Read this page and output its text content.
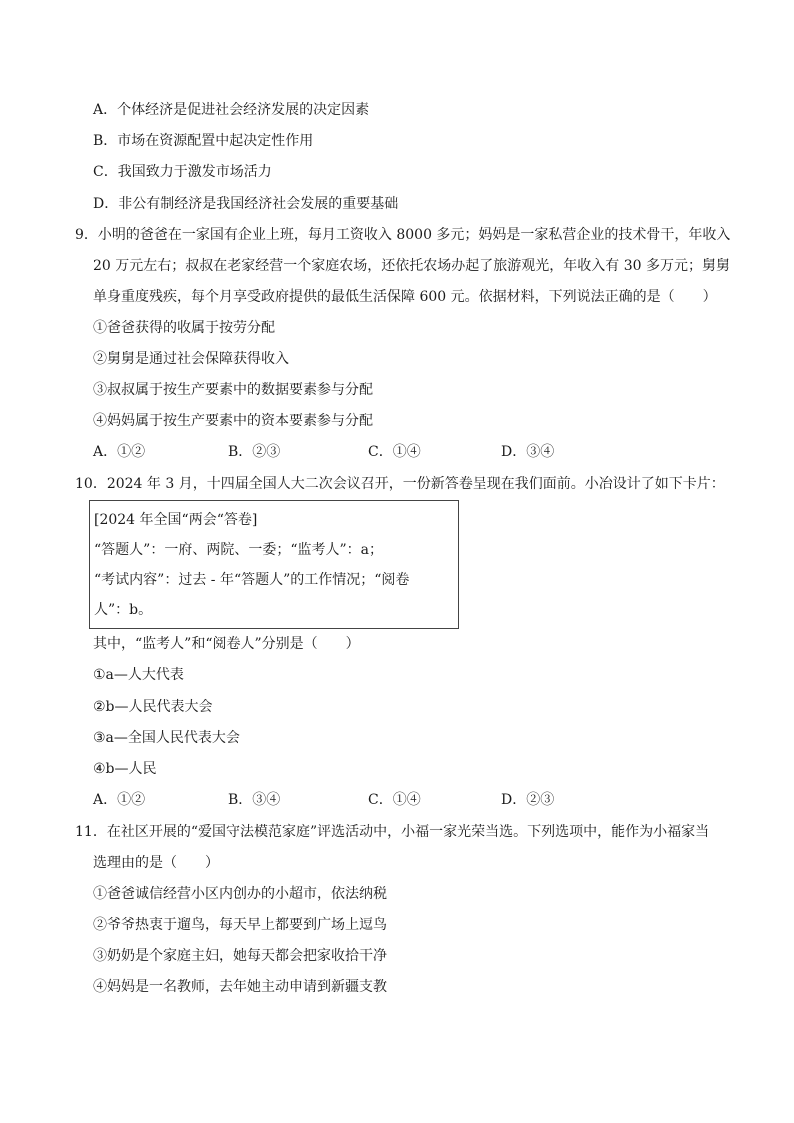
A．个体经济是促进社会经济发展的决定因素
B．市场在资源配置中起决定性作用
C．我国致力于激发市场活力
D．非公有制经济是我国经济社会发展的重要基础
9．小明的爸爸在一家国有企业上班，每月工资收入 8000 多元；妈妈是一家私营企业的技术骨干，年收入
20 万元左右；叔叔在老家经营一个家庭农场，还依托农场办起了旅游观光，年收入有 30 多万元；舅舅
单身重度残疾，每个月享受政府提供的最低生活保障 600 元。依据材料，下列说法正确的是（　　）
①爸爸获得的收属于按劳分配
②舅舅是通过社会保障获得收入
③叔叔属于按生产要素中的数据要素参与分配
④妈妈属于按生产要素中的资本要素参与分配
A．①②	B．②③	C．①④	D．③④
10．2024 年 3 月，十四届全国人大二次会议召开，一份新答卷呈现在我们面前。小冶设计了如下卡片：
[2024 年全国“两会“答卷]
“答题人”：一府、两院、一委；“监考人”：a；
“考试内容”：过去 - 年“答题人”的工作情况；“阅卷
人”：b。
其中，“监考人”和“阅卷人”分别是（　　）
①a—人大代表
②b—人民代表大会
③a—全国人民代表大会
④b—人民
A．①②	B．③④	C．①④	D．②③
11．在社区开展的“爱国守法模范家庭”评选活动中，小福一家光荣当选。下列选项中，能作为小福家当
选理由的是（　　）
①爸爸诚信经营小区内创办的小超市，依法纳税
②爷爷热衷于遛鸟，每天早上都要到广场上逗鸟
③奶奶是个家庭主妇，她每天都会把家收拾干净
④妈妈是一名教师，去年她主动申请到新疆支教
